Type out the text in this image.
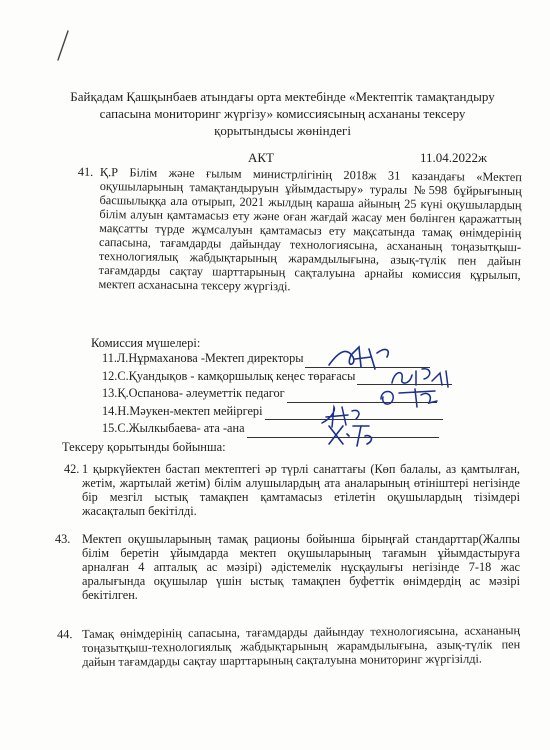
Байқадам Қашқынбаев атындағы орта мектебінде «Мектептік тамақтандыру сапасына мониторинг жүргізу» комиссиясының асхананы тексеру қорытындысы жөніндегі
АКТ	11.04.2022ж
41. Қ.Р Білім және ғылым министрлігінің 2018ж 31 казандағы «Мектеп оқушыларының тамақтандыруын ұйымдастыру» туралы №598 бұйрығының басшылыққа ала отырып, 2021 жылдың караша айының 25 күні оқушылардың білім алуын қамтамасыз ету және оған жағдай жасау мен бөлінген қаражаттың мақсатты түрде жұмсалуын қамтамасыз ету мақсатында тамақ өнімдерінің сапасына, тағамдарды дайындау технологиясына, асхананың тоңазытқыш-технологиялық жабдықтарының жарамдылығына, азық-түлік пен дайын тағамдарды сақтау шарттарының сақталуына арнайы комиссия құрылып, мектеп асханасына тексеру жүргізді.
Комиссия мүшелері:
11.Л.Нұрмаханова -Мектеп директоры
12.С.Қуандықов - камқоршылық кеңес төрағасы
13.Қ.Оспанова- әлеуметтік педагог
14.Н.Мәукен-мектеп мейіргері
15.С.Жылкыбаева- ата -ана
Тексеру қорытынды бойынша:
42. 1 қыркүйектен бастап мектептегі әр түрлі санаттағы (Көп балалы, аз қамтылған, жетім, жартылай жетім) білім алушылардың ата аналарының өтініштері негізінде бір мезгіл ыстық тамақпен қамтамасыз етілетін оқушылардың тізімдері жасақталып бекітілді.
43. Мектеп оқушыларының тамақ рационы бойынша бірыңғай стандарттар(Жалпы білім беретін ұйымдарда мектеп оқушыларының тағамын ұйымдастыруға арналған 4 апталық ас мәзірі) әдістемелік нұсқаулығы негізінде 7-18 жас аралығында оқушылар үшін ыстық тамақпен буфеттік өнімдердің ас мәзірі бекітілген.
44. Тамақ өнімдерінің сапасына, тағамдарды дайындау технологиясына, асхананың тоңазытқыш-технологиялық жабдықтарының жарамдылығына, азық-түлік пен дайын тағамдарды сақтау шарттарының сақталуына мониторинг жүргізілді.
